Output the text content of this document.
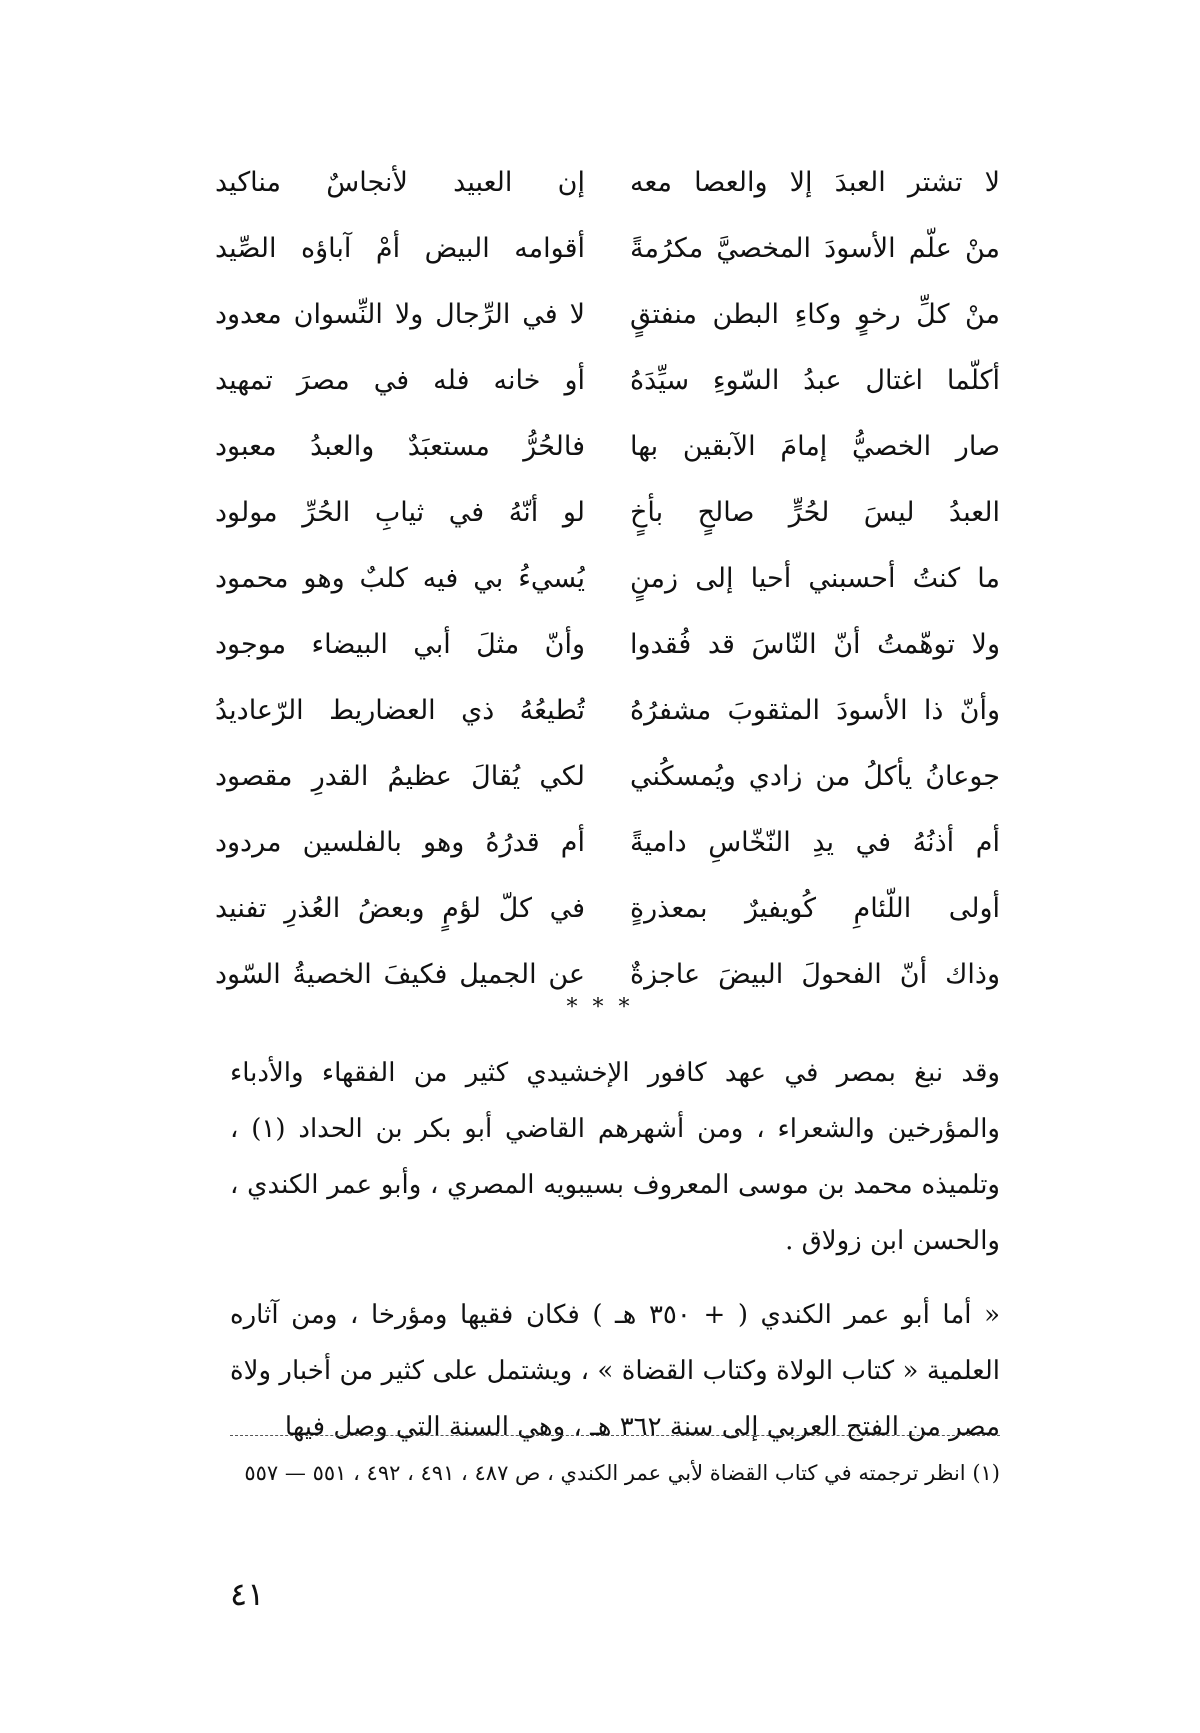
لا تشتر العبدَ إلا والعصا معه
إن العبيد لأنجاسٌ مناكيد
منْ علّم الأسودَ المخصيَّ مكرُمةً
أقوامه البيض أمْ آباؤه الصِّيد
منْ كلِّ رخوٍ وكاءِ البطن منفتقٍ
لا في الرِّجال ولا النِّسوان معدود
أكلّما اغتال عبدُ السّوءِ سيِّدَهُ
أو خانه فله في مصرَ تمهيد
صار الخصيُّ إمامَ الآبقين بها
فالحُرُّ مستعبَدٌ والعبدُ معبود
العبدُ ليسَ لحُرٍّ صالحٍ بأخٍ
لو أنّهُ في ثيابِ الحُرِّ مولود
ما كنتُ أحسبني أحيا إلى زمنٍ
يُسيءُ بي فيه كلبٌ وهو محمود
ولا توهّمتُ أنّ النّاسَ قد فُقدوا
وأنّ مثلَ أبي البيضاء موجود
وأنّ ذا الأسودَ المثقوبَ مشفرُهُ
تُطيعُهُ ذي العضاريط الرّعاديدُ
جوعانُ يأكلُ من زادي ويُمسكُني
لكي يُقالَ عظيمُ القدرِ مقصود
أم أذنُهُ في يدِ النّخّاسِ داميةً
أم قدرُهُ وهو بالفلسين مردود
أولى اللّئامِ كُويفيرٌ بمعذرةٍ
في كلّ لؤمٍ وبعضُ العُذرِ تفنيد
وذاك أنّ الفحولَ البيضَ عاجزةٌ
عن الجميل فكيفَ الخصيةُ السّود
* * *

وقد نبغ بمصر في عهد كافور الإخشيدي كثير من الفقهاء والأدباء والمؤرخين والشعراء ، ومن أشهرهم القاضي أبو بكر بن الحداد (١) ، وتلميذه محمد بن موسى المعروف بسيبويه المصري ، وأبو عمر الكندي ، والحسن ابن زولاق .

« أما أبو عمر الكندي ( + ٣٥٠ هـ ) فكان فقيها ومؤرخا ، ومن آثاره العلمية « كتاب الولاة وكتاب القضاة » ، ويشتمل على كثير من أخبار ولاة مصر من الفتح العربي إلى سنة ٣٦٢ هـ ، وهي السنة التي وصل فيها

(١) انظر ترجمته في كتاب القضاة لأبي عمر الكندي ، ص ٤٨٧ ، ٤٩١ ، ٤٩٢ ، ٥٥١ — ٥٥٧
٤١
